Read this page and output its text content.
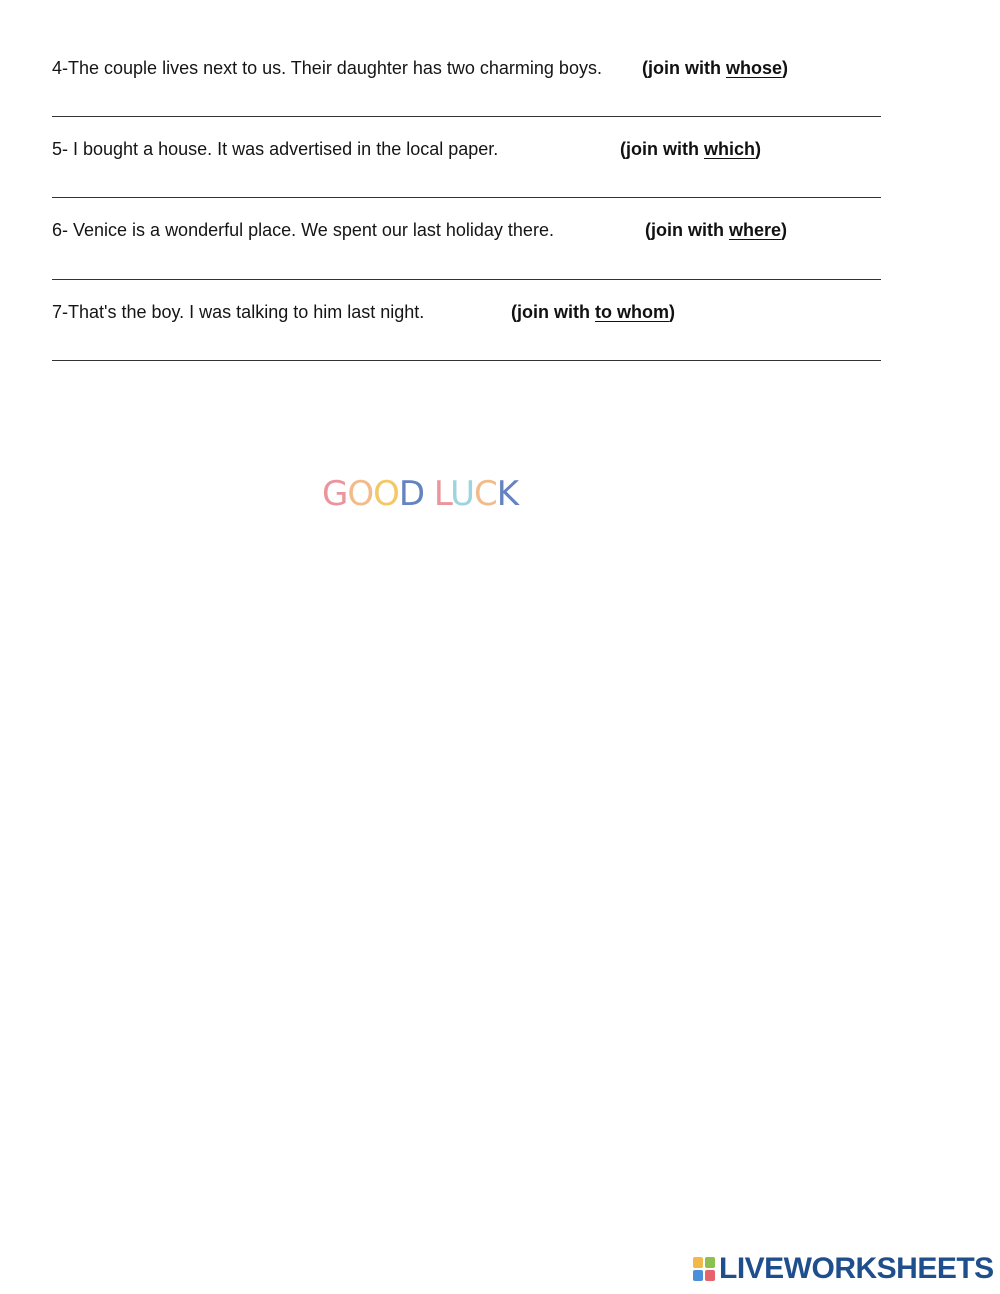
4-The couple lives next to us. Their daughter has two charming boys. (join with whose)
5- I bought a house. It was advertised in the local paper.	(join with which)
6- Venice is a wonderful place. We spent our last holiday there.	(join with where)
7-That's the boy. I was talking to him last night.	(join with to whom)
GOOD LUCK
LIVEWORKSHEETS
